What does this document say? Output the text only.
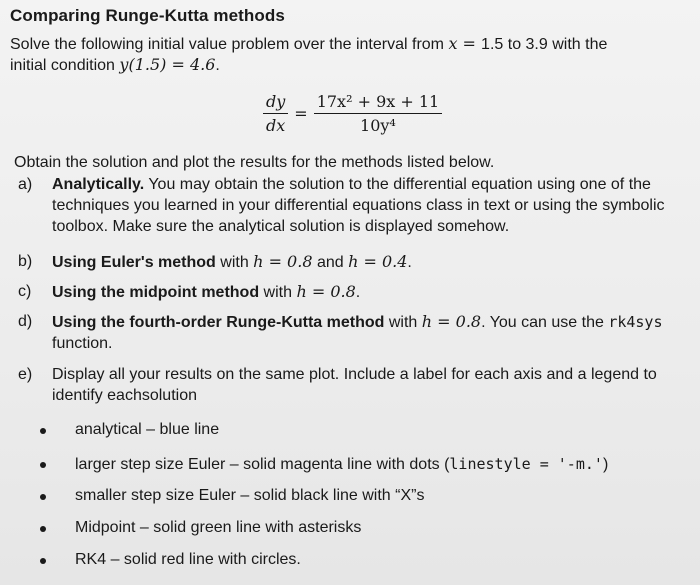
Comparing Runge-Kutta methods
Solve the following initial value problem over the interval from x = 1.5 to 3.9 with the
initial condition y(1.5) = 4.6.
$\frac{dy}{dx} = \frac{\text{17x² + 9x + 11}}{\text{10y⁴}}$
Obtain the solution and plot the results for the methods listed below.
a) Analytically. You may obtain the solution to the differential equation using one of the techniques you learned in your differential equations class in text or using the symbolic toolbox. Make sure the analytical solution is displayed somehow.
b) Using Euler's method with h = 0.8 and h = 0.4.
c) Using the midpoint method with h = 0.8.
d) Using the fourth-order Runge-Kutta method with h = 0.8. You can use the rk4sys function.
e) Display all your results on the same plot. Include a label for each axis and a legend to identify eachsolution
analytical – blue line
larger step size Euler – solid magenta line with dots (linestyle = '-m.')
smaller step size Euler – solid black line with “X”s
Midpoint – solid green line with asterisks
RK4 – solid red line with circles.
